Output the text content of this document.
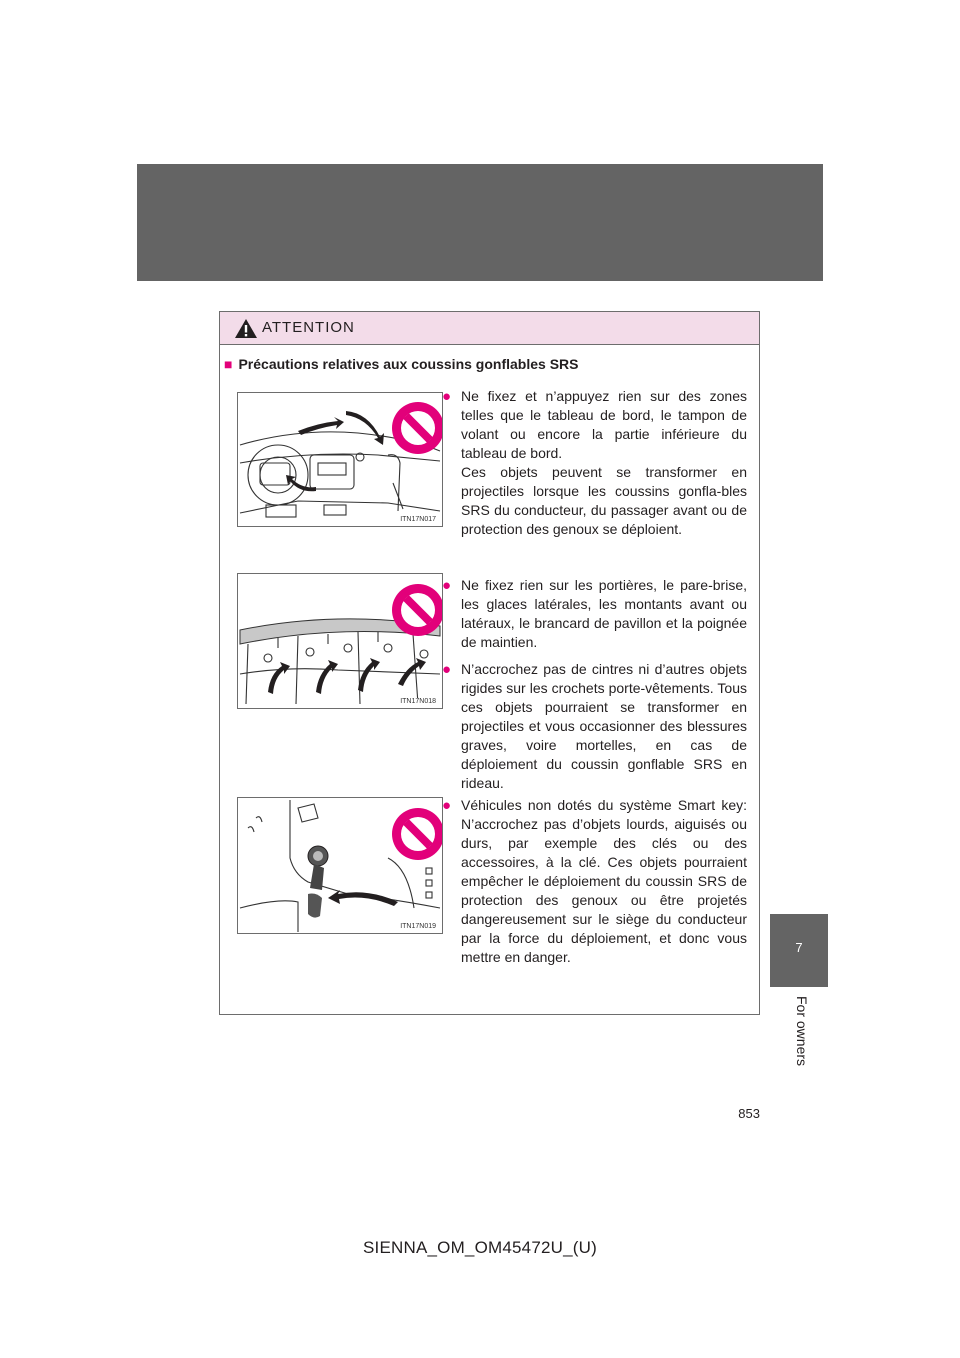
7
For owners
ATTENTION
■ Précautions relatives aux coussins gonflables SRS
ITN17N017
ITN17N018
ITN17N019
● Ne fixez et n’appuyez rien sur des zones telles que le tableau de bord, le tampon de volant ou encore la partie inférieure du tableau de bord.

Ces objets peuvent se transformer en projectiles lorsque les coussins gonfla-bles SRS du conducteur, du passager avant ou de protection des genoux se déploient.

● Ne fixez rien sur les portières, le pare-brise, les glaces latérales, les montants avant ou latéraux, le brancard de pavillon et la poignée de maintien.

● N’accrochez pas de cintres ni d’autres objets rigides sur les crochets porte-vêtements. Tous ces objets pourraient se transformer en projectiles et vous occasionner des blessures graves, voire mortelles, en cas de déploiement du coussin gonflable SRS en rideau.

● Véhicules non dotés du système Smart key: N’accrochez pas d’objets lourds, aiguisés ou durs, par exemple des clés ou des accessoires, à la clé. Ces objets pourraient empêcher le déploiement du coussin SRS de protection des genoux ou être projetés dangereusement sur le siège du conducteur par la force du déploiement, et donc vous mettre en danger.

853
SIENNA_OM_OM45472U_(U)
